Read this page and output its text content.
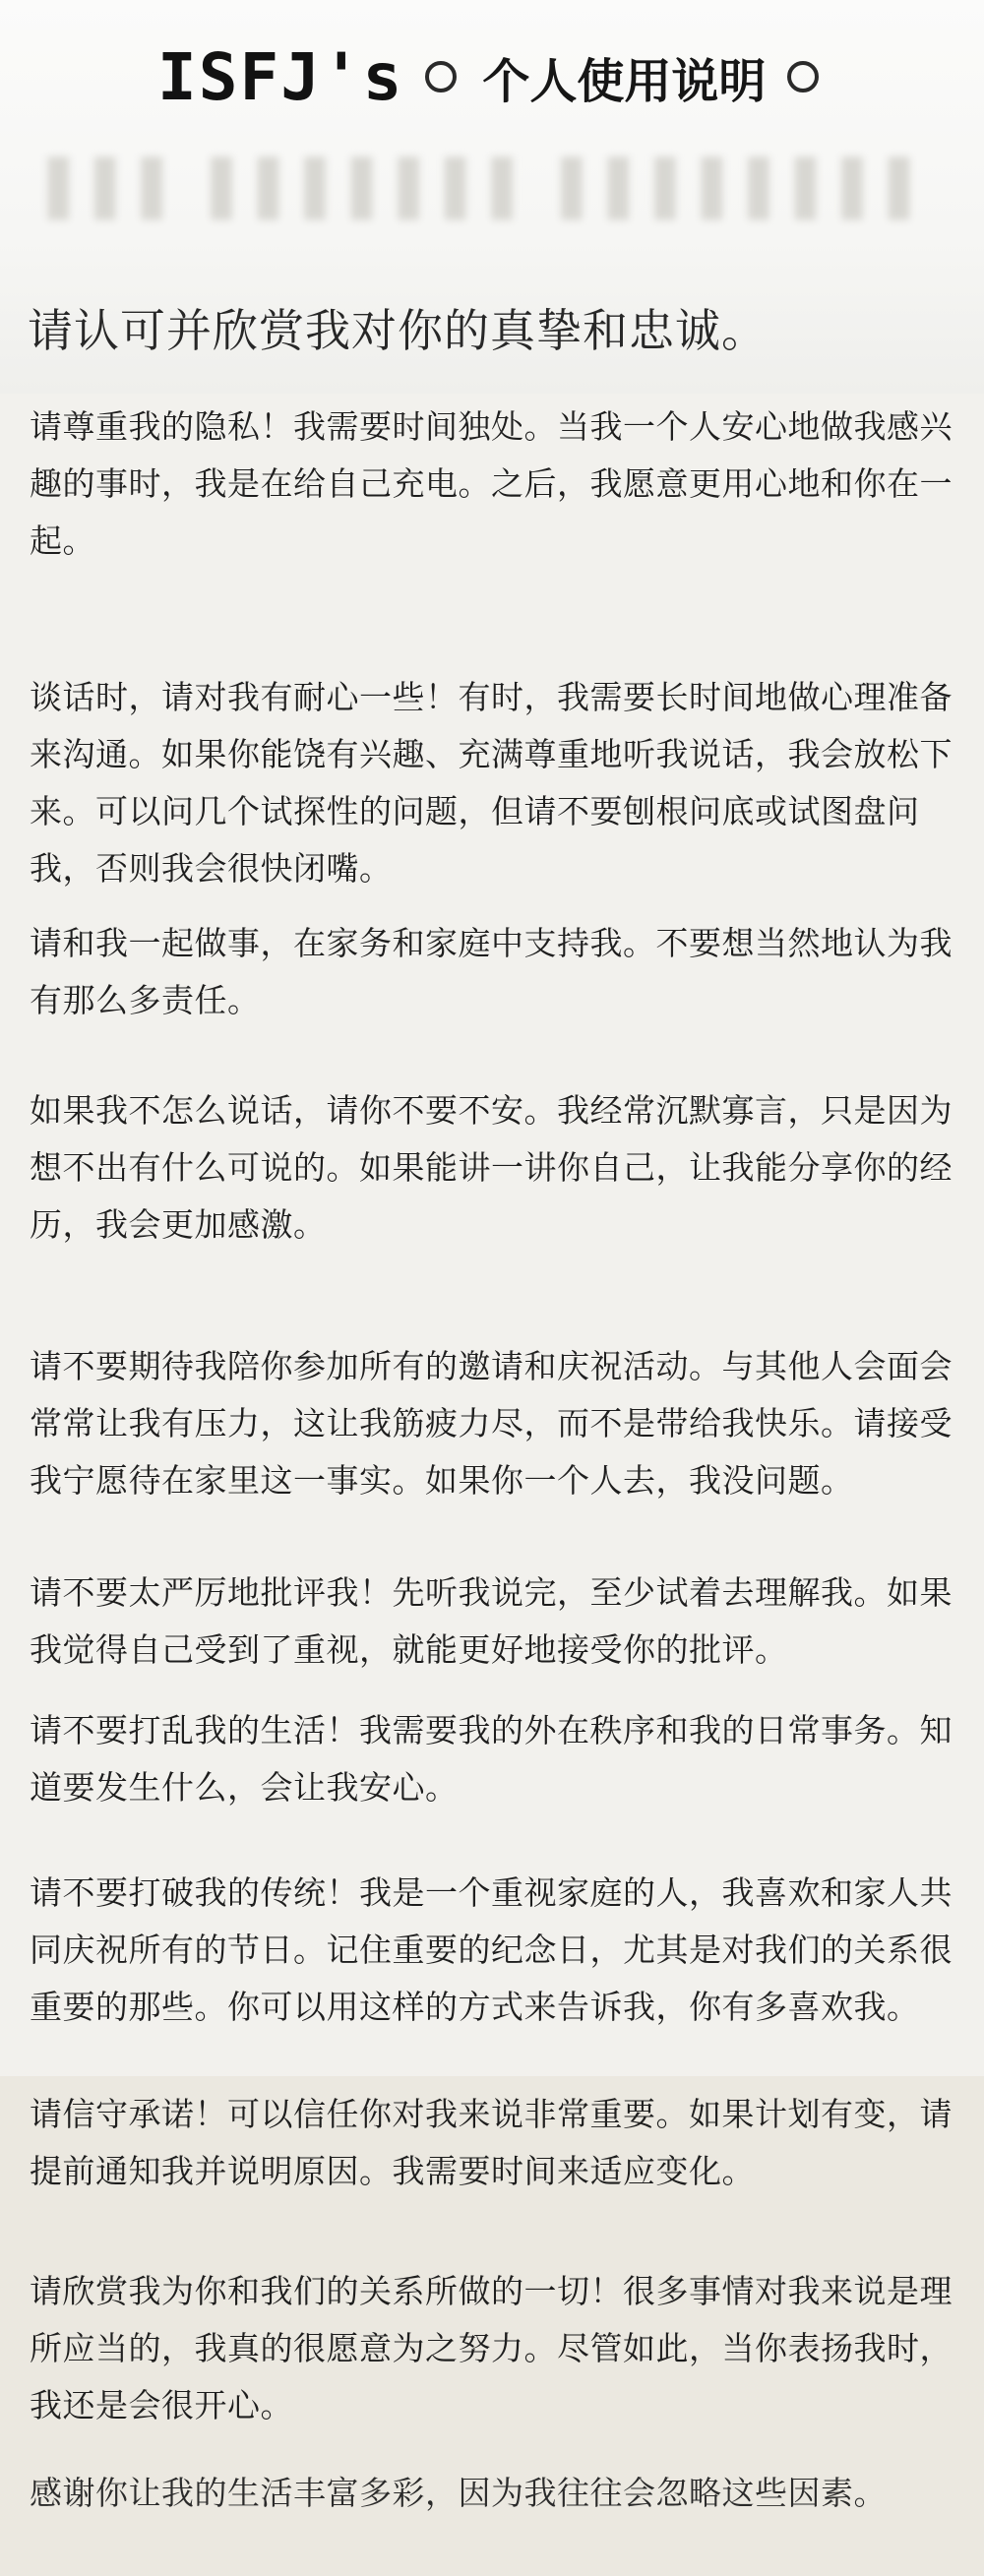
ISFJ's 个人使用说明
▌▌▌ ▌▌▌▌▌▌▌ ▌▌▌▌▌▌▌▌
请认可并欣赏我对你的真挚和忠诚。
请尊重我的隐私！我需要时间独处。当我一个人安心地做我感兴趣的事时，我是在给自己充电。之后，我愿意更用心地和你在一起。
谈话时，请对我有耐心一些！有时，我需要长时间地做心理准备来沟通。如果你能饶有兴趣、充满尊重地听我说话，我会放松下来。可以问几个试探性的问题，但请不要刨根问底或试图盘问我，否则我会很快闭嘴。
请和我一起做事，在家务和家庭中支持我。不要想当然地认为我有那么多责任。
如果我不怎么说话，请你不要不安。我经常沉默寡言，只是因为想不出有什么可说的。如果能讲一讲你自己，让我能分享你的经历，我会更加感激。
请不要期待我陪你参加所有的邀请和庆祝活动。与其他人会面会常常让我有压力，这让我筋疲力尽，而不是带给我快乐。请接受我宁愿待在家里这一事实。如果你一个人去，我没问题。
请不要太严厉地批评我！先听我说完，至少试着去理解我。如果我觉得自己受到了重视，就能更好地接受你的批评。
请不要打乱我的生活！我需要我的外在秩序和我的日常事务。知道要发生什么，会让我安心。
请不要打破我的传统！我是一个重视家庭的人，我喜欢和家人共同庆祝所有的节日。记住重要的纪念日，尤其是对我们的关系很重要的那些。你可以用这样的方式来告诉我，你有多喜欢我。
请信守承诺！可以信任你对我来说非常重要。如果计划有变，请提前通知我并说明原因。我需要时间来适应变化。
请欣赏我为你和我们的关系所做的一切！很多事情对我来说是理所应当的，我真的很愿意为之努力。尽管如此，当你表扬我时，我还是会很开心。
感谢你让我的生活丰富多彩，因为我往往会忽略这些因素。
